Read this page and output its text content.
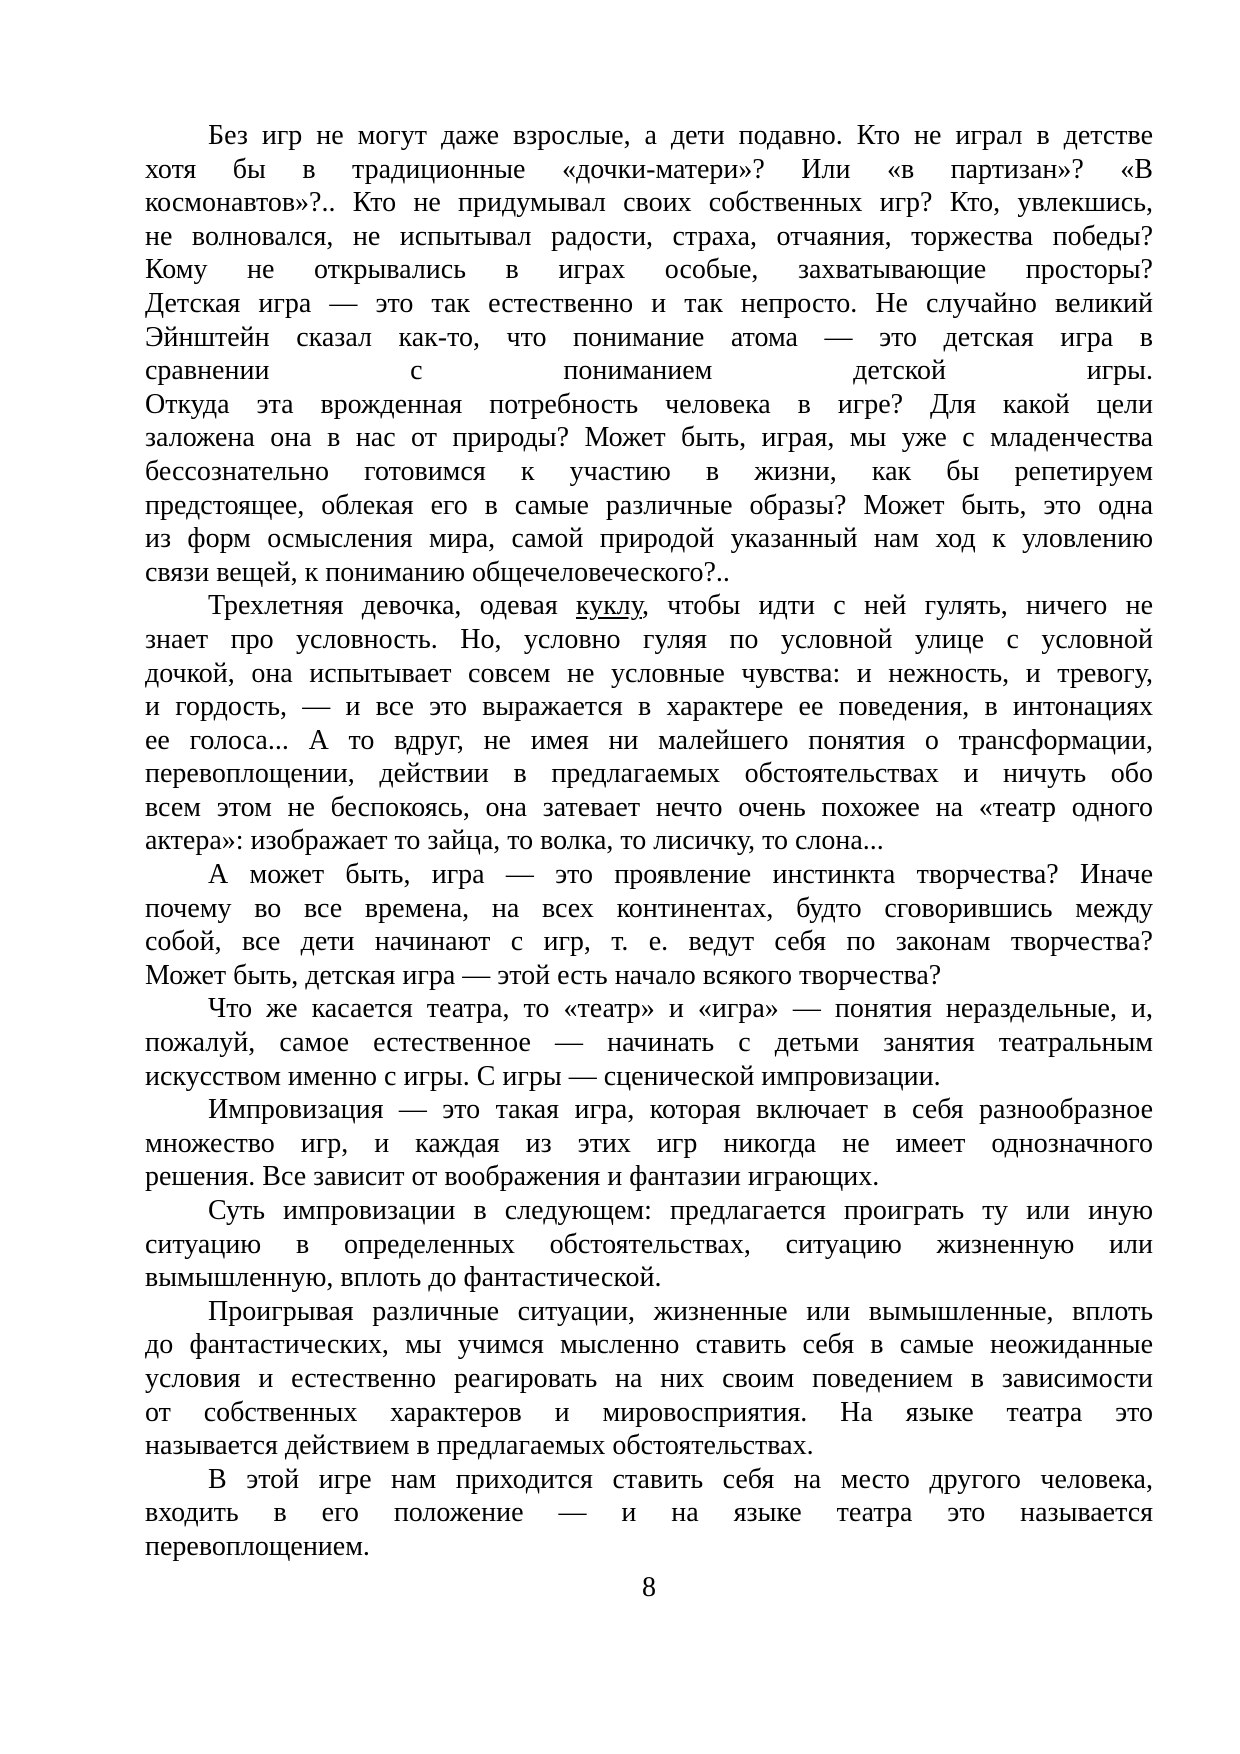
Без игр не могут даже взрослые, а дети подавно. Кто не играл в детстве
хотя бы в традиционные «дочки-матери»? Или «в партизан»? «В
космонавтов»?.. Кто не придумывал своих собственных игр? Кто, увлекшись,
не волновался, не испытывал радости, страха, отчаяния, торжества победы?
Кому не открывались в играх особые, захватывающие просторы?
Детская игра — это так естественно и так непросто. Не случайно великий
Эйнштейн сказал как-то, что понимание атома — это детская игра в
сравнении с пониманием детской игры.
Откуда эта врожденная потребность человека в игре? Для какой цели
заложена она в нас от природы? Может быть, играя, мы уже с младенчества
бессознательно готовимся к участию в жизни, как бы репетируем
предстоящее, облекая его в самые различные образы? Может быть, это одна
из форм осмысления мира, самой природой указанный нам ход к уловлению
связи вещей, к пониманию общечеловеческого?..
Трехлетняя девочка, одевая куклу, чтобы идти с ней гулять, ничего не
знает про условность. Но, условно гуляя по условной улице с условной
дочкой, она испытывает совсем не условные чувства: и нежность, и тревогу,
и гордость, — и все это выражается в характере ее поведения, в интонациях
ее голоса... А то вдруг, не имея ни малейшего понятия о трансформации,
перевоплощении, действии в предлагаемых обстоятельствах и ничуть обо
всем этом не беспокоясь, она затевает нечто очень похожее на «театр одного
актера»: изображает то зайца, то волка, то лисичку, то слона...
А может быть, игра — это проявление инстинкта творчества? Иначе
почему во все времена, на всех континентах, будто сговорившись между
собой, все дети начинают с игр, т. е. ведут себя по законам творчества?
Может быть, детская игра — этой есть начало всякого творчества?
Что же касается театра, то «театр» и «игра» — понятия нераздельные, и,
пожалуй, самое естественное — начинать с детьми занятия театральным
искусством именно с игры. С игры — сценической импровизации.
Импровизация — это такая игра, которая включает в себя разнообразное
множество игр, и каждая из этих игр никогда не имеет однозначного
решения. Все зависит от воображения и фантазии играющих.
Суть импровизации в следующем: предлагается проиграть ту или иную
ситуацию в определенных обстоятельствах, ситуацию жизненную или
вымышленную, вплоть до фантастической.
Проигрывая различные ситуации, жизненные или вымышленные, вплоть
до фантастических, мы учимся мысленно ставить себя в самые неожиданные
условия и естественно реагировать на них своим поведением в зависимости
от собственных характеров и мировосприятия. На языке театра это
называется действием в предлагаемых обстоятельствах.
В этой игре нам приходится ставить себя на место другого человека,
входить в его положение — и на языке театра это называется
перевоплощением.
8
